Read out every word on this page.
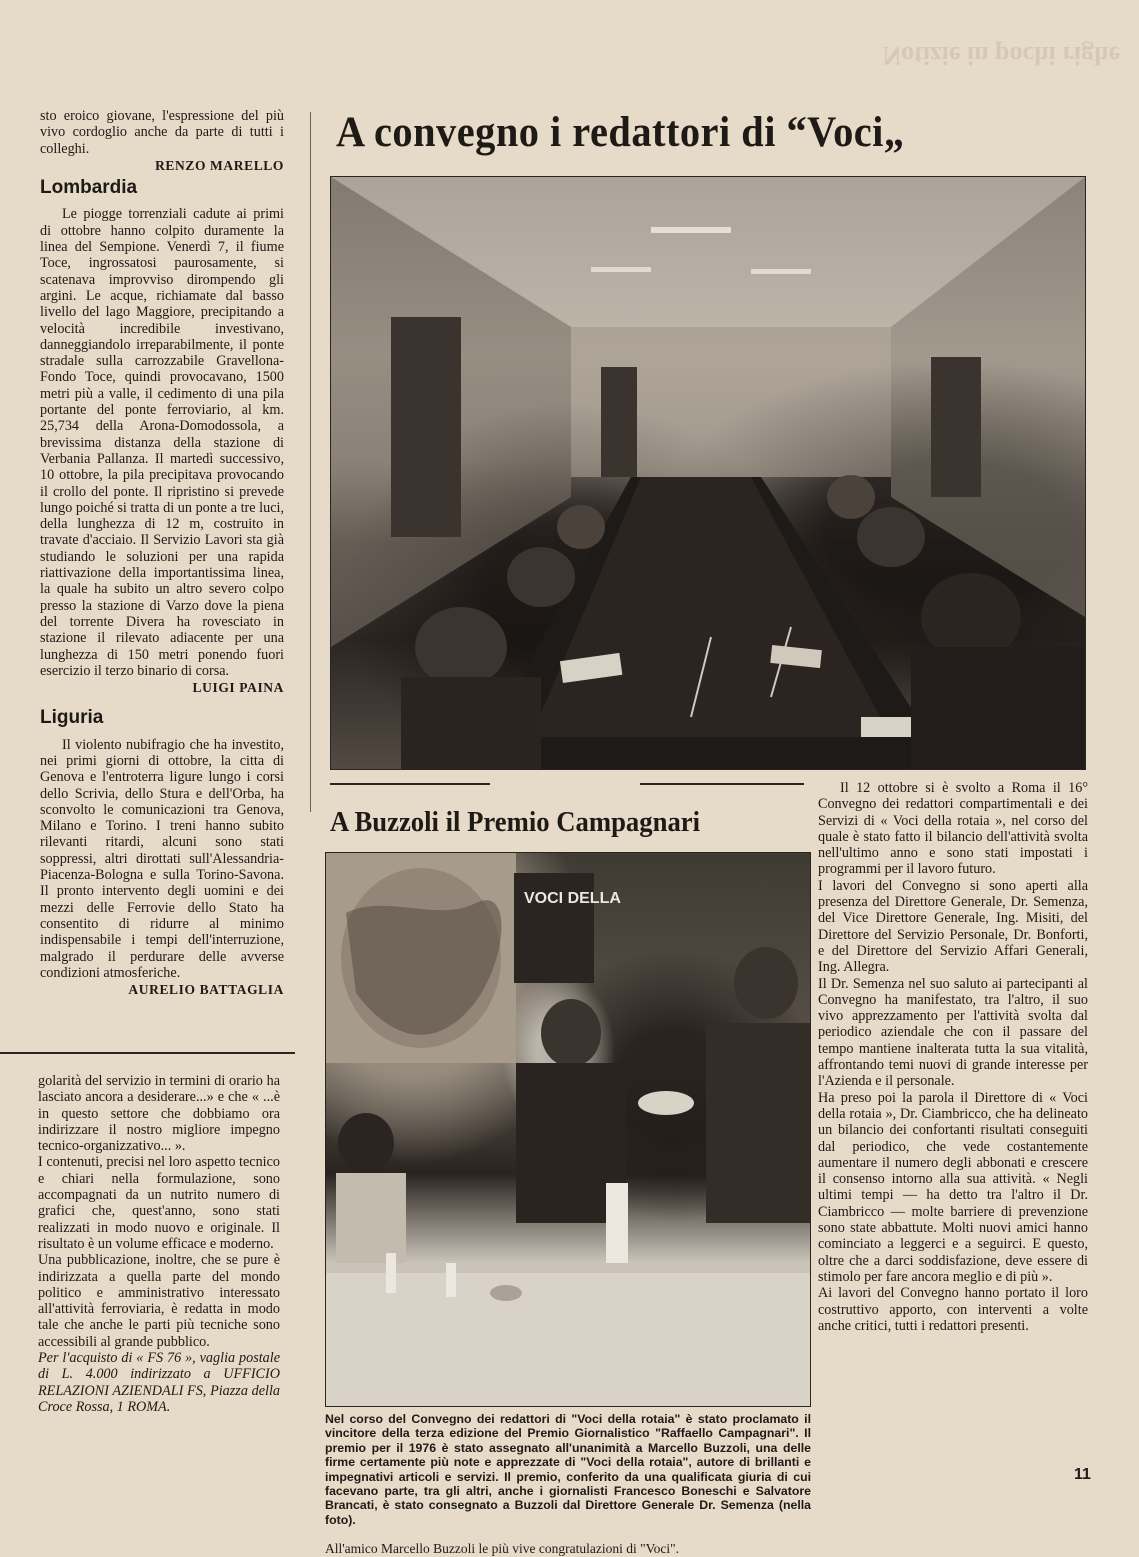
Notizie in pochi righe

sto eroico giovane, l'espressione del più vivo cordoglio anche da parte di tutti i colleghi.

RENZO MARELLO
Lombardia

Le piogge torrenziali cadute ai primi di ottobre hanno colpito duramente la linea del Sempione. Venerdì 7, il fiume Toce, ingrossatosi paurosamente, si scatenava improvviso dirompendo gli argini. Le acque, richiamate dal basso livello del lago Maggiore, precipitando a velocità incredibile investivano, danneggiandolo irreparabilmente, il ponte stradale sulla carrozzabile Gravellona-Fondo Toce, quindi provocavano, 1500 metri più a valle, il cedimento di una pila portante del ponte ferroviario, al km. 25,734 della Arona-Domodossola, a brevissima distanza della stazione di Verbania Pallanza. Il martedì successivo, 10 ottobre, la pila precipitava provocando il crollo del ponte. Il ripristino si prevede lungo poiché si tratta di un ponte a tre luci, della lunghezza di 12 m, costruito in travate d'acciaio. Il Servizio Lavori sta già studiando le soluzioni per una rapida riattivazione della importantissima linea, la quale ha subito un altro severo colpo presso la stazione di Varzo dove la piena del torrente Divera ha rovesciato in stazione il rilevato adiacente per una lunghezza di 150 metri ponendo fuori esercizio il terzo binario di corsa.

LUIGI PAINA
Liguria

Il violento nubifragio che ha investito, nei primi giorni di ottobre, la citta di Genova e l'entroterra ligure lungo i corsi dello Scrivia, dello Stura e dell'Orba, ha sconvolto le comunicazioni tra Genova, Milano e Torino. I treni hanno subito rilevanti ritardi, alcuni sono stati soppressi, altri dirottati sull'Alessandria-Piacenza-Bologna e sulla Torino-Savona. Il pronto intervento degli uomini e dei mezzi delle Ferrovie dello Stato ha consentito di ridurre al minimo indispensabile i tempi dell'interruzione, malgrado il perdurare delle avverse condizioni atmosferiche.

AURELIO BATTAGLIA

golarità del servizio in termini di orario ha lasciato ancora a desiderare...» e che « ...è in questo settore che dobbiamo ora indirizzare il nostro migliore impegno tecnico-organizzativo... ».

I contenuti, precisi nel loro aspetto tecnico e chiari nella formulazione, sono accompagnati da un nutrito numero di grafici che, quest'anno, sono stati realizzati in modo nuovo e originale. Il risultato è un volume efficace e moderno.

Una pubblicazione, inoltre, che se pure è indirizzata a quella parte del mondo politico e amministrativo interessato all'attività ferroviaria, è redatta in modo tale che anche le parti più tecniche sono accessibili al grande pubblico.

Per l'acquisto di « FS 76 », vaglia postale di L. 4.000 indirizzato a UFFICIO RELAZIONI AZIENDALI FS, Piazza della Croce Rossa, 1 ROMA.

A convegno i redattori di “Voci„
A Buzzoli il Premio Campagnari
VOCI DELLA
Nel corso del Convegno dei redattori di "Voci della rotaia" è stato proclamato il vincitore della terza edizione del Premio Giornalistico "Raffaello Campagnari". Il premio per il 1976 è stato assegnato all'unanimità a Marcello Buzzoli, una delle firme certamente più note e apprezzate di "Voci della rotaia", autore di brillanti e impegnativi articoli e servizi. Il premio, conferito da una qualificata giuria di cui facevano parte, tra gli altri, anche i giornalisti Francesco Boneschi e Salvatore Brancati, è stato consegnato a Buzzoli dal Direttore Generale Dr. Semenza (nella foto).
All'amico Marcello Buzzoli le più vive congratulazioni di "Voci".

Il 12 ottobre si è svolto a Roma il 16° Convegno dei redattori compartimentali e dei Servizi di « Voci della rotaia », nel corso del quale è stato fatto il bilancio dell'attività svolta nell'ultimo anno e sono stati impostati i programmi per il lavoro futuro.

I lavori del Convegno si sono aperti alla presenza del Direttore Generale, Dr. Semenza, del Vice Direttore Generale, Ing. Misiti, del Direttore del Servizio Personale, Dr. Bonforti, e del Direttore del Servizio Affari Generali, Ing. Allegra.

Il Dr. Semenza nel suo saluto ai partecipanti al Convegno ha manifestato, tra l'altro, il suo vivo apprezzamento per l'attività svolta dal periodico aziendale che con il passare del tempo mantiene inalterata tutta la sua vitalità, affrontando temi nuovi di grande interesse per l'Azienda e il personale.

Ha preso poi la parola il Direttore di « Voci della rotaia », Dr. Ciambricco, che ha delineato un bilancio dei confortanti risultati conseguiti dal periodico, che vede costantemente aumentare il numero degli abbonati e crescere il consenso intorno alla sua attività. « Negli ultimi tempi — ha detto tra l'altro il Dr. Ciambricco — molte barriere di prevenzione sono state abbattute. Molti nuovi amici hanno cominciato a leggerci e a seguirci. E questo, oltre che a darci soddisfazione, deve essere di stimolo per fare ancora meglio e di più ».

Ai lavori del Convegno hanno portato il loro costruttivo apporto, con interventi a volte anche critici, tutti i redattori presenti.

11
